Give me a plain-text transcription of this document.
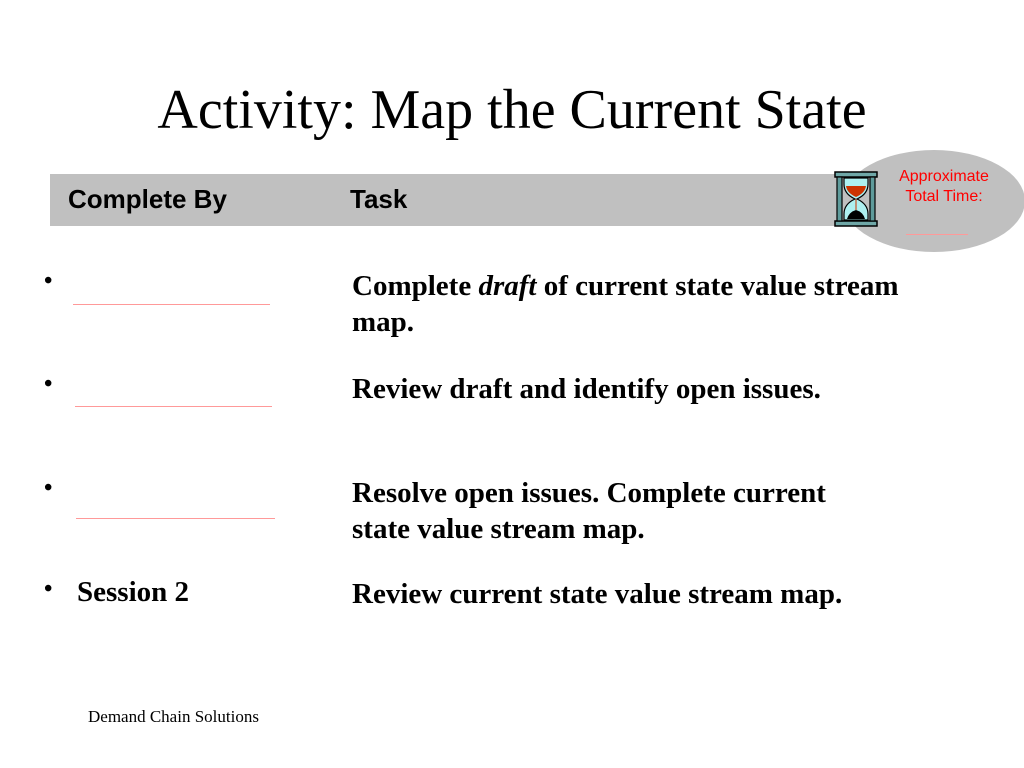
Activity: Map the Current State
Complete By	Task
Approximate
Total Time:
•	Complete draft of current state value stream map.
•	Review draft and identify open issues.
•	Resolve open issues. Complete current state value stream map.
• Session 2	Review current state value stream map.
Demand Chain Solutions
